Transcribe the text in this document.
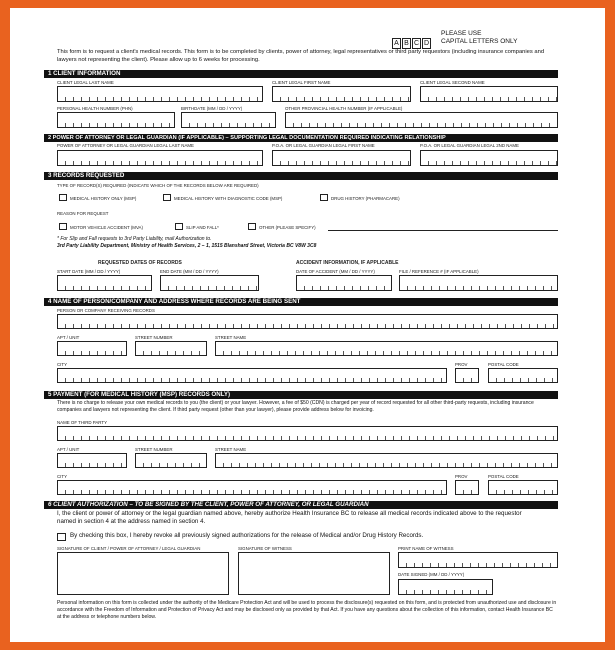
A B C D
PLEASE USE
CAPITAL LETTERS ONLY
This form is to request a client's medical records. This form is to be completed by clients, power of attorney, legal representatives or third party requestors (including insurance companies and lawyers not representing the client). Please allow up to 6 weeks for processing.
1 CLIENT INFORMATION
CLIENT LEGAL LAST NAME	CLIENT LEGAL FIRST NAME	CLIENT LEGAL SECOND NAME
PERSONAL HEALTH NUMBER (PHN)	BIRTHDATE (MM / DD / YYYY)	OTHER PROVINCIAL HEALTH NUMBER (IF APPLICABLE)
2 POWER OF ATTORNEY OR LEGAL GUARDIAN (IF APPLICABLE) – SUPPORTING LEGAL DOCUMENTATION REQUIRED INDICATING RELATIONSHIP
POWER OF ATTORNEY OR LEGAL GUARDIAN LEGAL LAST NAME	P.O.A. OR LEGAL GUARDIAN LEGAL FIRST NAME	P.O.A. OR LEGAL GUARDIAN LEGAL 2ND NAME
3 RECORDS REQUESTED
TYPE OF RECORD(S) REQUIRED (INDICATE WHICH OF THE RECORDS BELOW ARE REQUIRED)
MEDICAL HISTORY ONLY (MSP)	MEDICAL HISTORY WITH DIAGNOSTIC CODE (MSP)	DRUG HISTORY (PHARMACARE)
REASON FOR REQUEST
MOTOR VEHICLE ACCIDENT (MVA)	SLIP AND FALL*	OTHER (PLEASE SPECIFY)
* For Slip and Fall requests to 3rd Party Liability, mail Authorization to.
3rd Party Liability Department, Ministry of Health Services, 2 – 1, 1515 Blanshard Street, Victoria BC V8W 3C8
REQUESTED DATES OF RECORDS
START DATE (MM / DD / YYYY)	END DATE (MM / DD / YYYY)
ACCIDENT INFORMATION, IF APPLICABLE
DATE OF ACCIDENT (MM / DD / YYYY)	FILE / REFERENCE # (IF APPLICABLE)
4 NAME OF PERSON/COMPANY AND ADDRESS WHERE RECORDS ARE BEING SENT
PERSON OR COMPANY RECEIVING RECORDS
APT / UNIT	STREET NUMBER	STREET NAME
CITY	PROV	POSTAL CODE
5 PAYMENT (FOR MEDICAL HISTORY (MSP) RECORDS ONLY)
There is no charge to release your own medical records to you (the client) or your lawyer. However, a fee of $50 (CDN) is charged per year of record requested for all other third-party requests, including insurance companies and lawyers not representing the client. If third party request (other than your lawyer), please provide address below for invoicing.
NAME OF THIRD PARTY
APT / UNIT	STREET NUMBER	STREET NAME
CITY	PROV	POSTAL CODE
6 CLIENT AUTHORIZATION – TO BE SIGNED BY THE CLIENT, POWER OF ATTORNEY, OR LEGAL GUARDIAN
I, the client or power of attorney or the legal guardian named above, hereby authorize Health Insurance BC to release all medical records indicated above to the requestor named in section 4 at the address named in section 4.
By checking this box, I hereby revoke all previously signed authorizations for the release of Medical and/or Drug History Records.
SIGNATURE OF CLIENT / POWER OF ATTORNEY / LEGAL GUARDIAN	SIGNATURE OF WITNESS	PRINT NAME OF WITNESS
DATE SIGNED (MM / DD / YYYY)
Personal information on this form is collected under the authority of the Medicare Protection Act and will be used to process the disclosure(s) requested on this form, and is protected from unauthorized use and disclosure in accordance with the Freedom of Information and Protection of Privacy Act and may be disclosed only as provided by that Act. If you have any questions about the collection of this information, contact Health Insurance BC at the address or telephone numbers below.
